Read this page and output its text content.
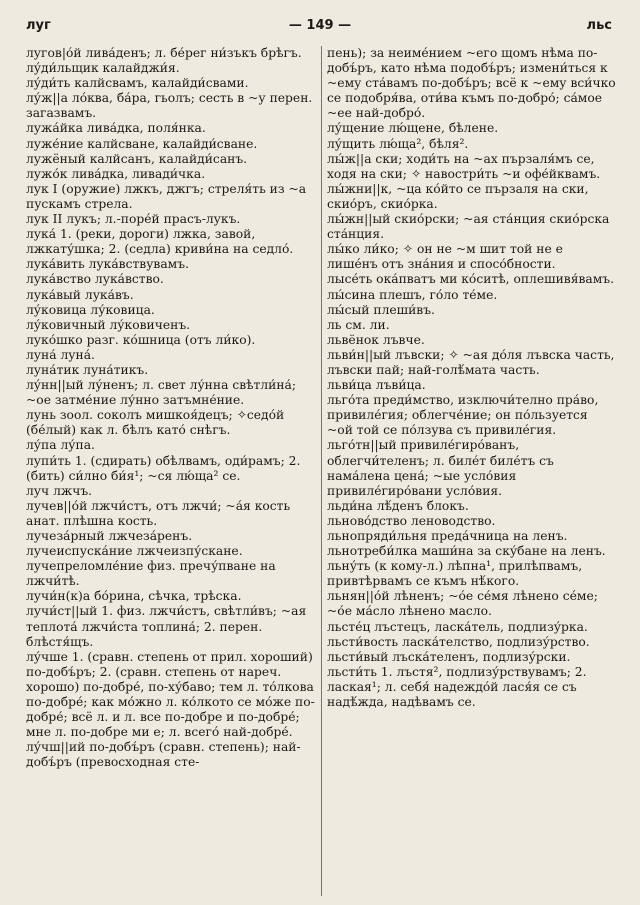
луг	— 149 —	льс

лугов|о́й лива́денъ; л. бе́рег ни́зъкъ брѣгъ.

лу́ди́льщик калайджи́я.

лу́ди́ть калйсвамъ, калайди́свами.

лу́ж||а ло́ква, ба́ра, гьолъ; сесть в ~у перен. загазвамъ.

лужа́йка лива́дка, поля́нка.

луже́ние калйсване, калайди́сване.

лужёный калйсанъ, калайди́санъ.

лужо́к лива́дка, ливади́чка.

лук I (оружие) лжкъ, джгъ; стреля́ть из ~а пускамъ стрела.

лук II лукъ; л.-поре́й прасъ-лукъ.

лука́ 1. (реки, дороги) лжка, завой, лжкату́шка; 2. (седла) криви́на на седло́.

лука́вить лука́вствувамъ.

лука́вство лука́вство.

лука́вый лука́въ.

лу́ковица лу́ковица.

лу́ковичный лу́ковиченъ.

луко́шко разг. ко́шница (отъ ли́ко).

луна́ луна́.

луна́тик луна́тикъ.

лу́нн||ый лу́ненъ; л. свет лу́нна свѣтли́на́; ~ое затме́ние лу́нно затъмне́ние.

лунь зоол. соколъ мишкоя́децъ; ✧седо́й (бе́лый) как л. бѣлъ като́ снѣгъ.

лу́па лу́па.

лупи́ть 1. (сдирать) обѣлвамъ, оди́рамъ; 2. (бить) си́лно би́я¹; ~ся лю́ща² се.

луч лжчъ.

лучев||о́й лжчи́стъ, отъ лжчи́; ~а́я кость анат. плѣшна кость.

лучеза́рный лжчеза́ренъ.

лучеиспуска́ние лжчеизпу́скане.

лучепреломле́ние физ. пречу́пване на лжчи́тѣ.

лучи́н(к)а бо́рина, сѣчка, трѣска.

лучи́ст||ый 1. физ. лжчи́стъ, свѣтли́въ; ~ая теплота́ лжчи́ста топлина́; 2. перен. блѣстя́щъ.

лу́чше 1. (сравн. степень от прил. хороший) по-добъ́ръ; 2. (сравн. степень от нареч. хорошо) по-добре́, по-ху́баво; тем л. то́лкова по-добре́; как мо́жно л. ко́лкото се мо́же по-добре́; всё л. и л. все по-добре и по-добре́; мне л. по-добре ми е; л. всего́ най-добре́.

лу́чш||ий по-добъ́ръ (сравн. степень); най-добъ́ръ (превосходная сте-

пень); за неиме́нием ~его щомъ нѣма по-добъ́ръ, като нѣма подобъ́ръ; измени́ться к ~ему ста́вамъ по-добъ́ръ; всё к ~ему вси́чко се подобря́ва, оти́ва къмъ по-добро́; са́мое ~ее най-добро́.

лу́щение лю́щене, бѣлене.

лу́щить лю́ща², бѣля².

лы́ж||а ски; ходи́ть на ~ах пързаля́мъ се, ходя на ски; ✧ навостри́ть ~и офе́йквамъ.

лы́жни||к, ~ца ко́йто се пързаля на ски, скио́ръ, скио́рка.

лы́жн||ый скио́рски; ~ая ста́нция скио́рска ста́нция.

лы́ко ли́ко; ✧ он не ~м шит той не е лише́нъ отъ зна́ния и спосо́бности.

лысе́ть ока́пватъ ми ко́ситѣ, оплешивя́вамъ.

лы́сина плешъ, го́ло те́ме.

лы́сый плеши́въ.

ль см. ли.

львёнок лъвче.

льви́н||ый лъвски; ✧ ~ая до́ля лъвска часть, лъвски пай; най-голѣ́мата часть.

льви́ца лъви́ца.

льго́та преди́мство, изключи́телно пра́во, привиле́гия; облегче́ние; он по́льзуется ~ой той се по́лзува съ привиле́гия.

льго́тн||ый привиле́гиро́ванъ, облегчи́теленъ; л. биле́т биле́тъ съ нама́лена цена́; ~ые усло́вия привиле́гиро́вани усло́вия.

льди́на лѣ́денъ блокъ.

льново́дство леноводство.

льнопряди́льня преда́чница на ленъ.

льнотреби́лка маши́на за ску́бане на ленъ.

льну́ть (к кому-л.) лѣпна¹, прилѣпвамъ, привтѣрвамъ се къмъ нѣ́кого.

льнян||о́й лѣненъ; ~о́е се́мя лѣнено се́ме; ~о́е ма́сло лѣнено масло.

льсте́ц лъстецъ, ласка́тель, подлизу́рка.

льсти́вость ласка́телство, подлизу́рство.

льсти́вый лъска́теленъ, подлизу́рски.

льсти́ть 1. лъстя², подлизу́рствувамъ; 2. лаская¹; л. себя́ надеждо́й лася́я се съ надѣ́жда, надѣвамъ се.
